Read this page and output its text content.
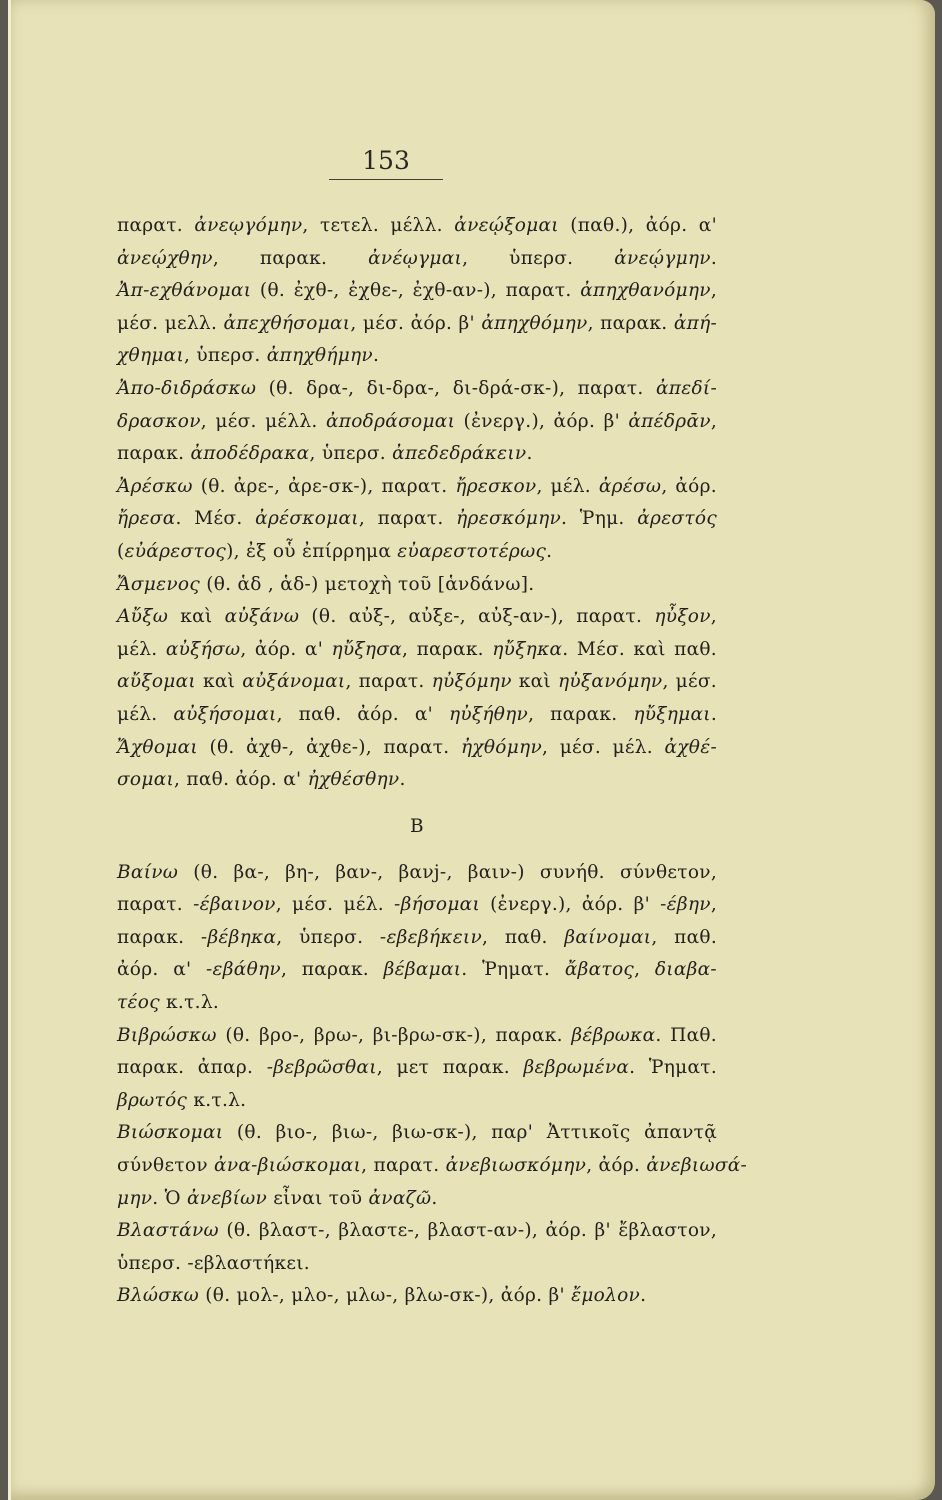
153
παρατ. ἀνεῳγόμην, τετελ. μέλλ. ἀνεῴξομαι (παθ.), ἀόρ. α'
ἀνεῴχθην, παρακ. ἀνέῳγμαι, ὑπερσ. ἀνεῴγμην.
Ἀπ-εχθάνομαι (θ. ἐχθ-, ἐχθε-, ἐχθ-αν-), παρατ. ἀπηχθανόμην,
μέσ. μελλ. ἀπεχθήσομαι, μέσ. ἀόρ. β' ἀπηχθόμην, παρακ. ἀπή-
χθημαι, ὑπερσ. ἀπηχθήμην.
Ἀπο-διδράσκω (θ. δρα-, δι-δρα-, δι-δρά-σκ-), παρατ. ἀπεδί-
δρασκον, μέσ. μέλλ. ἀποδράσομαι (ἐνεργ.), ἀόρ. β' ἀπέδρᾱν,
παρακ. ἀποδέδρακα, ὑπερσ. ἀπεδεδράκειν.
Ἀρέσκω (θ. ἀρε-, ἀρε-σκ-), παρατ. ἤρεσκον, μέλ. ἀρέσω, ἀόρ.
ἤρεσα. Μέσ. ἀρέσκομαι, παρατ. ἠρεσκόμην. Ῥημ. ἀρεστός
(εὐάρεστος), ἐξ οὗ ἐπίρρημα εὐαρεστοτέρως.
Ἄσμενος (θ. ἁδ , ἁδ-) μετοχὴ τοῦ [ἁνδάνω].
Αὔξω καὶ αὐξάνω (θ. αὐξ-, αὐξε-, αὐξ-αν-), παρατ. ηὖξον,
μέλ. αὐξήσω, ἀόρ. α' ηὔξησα, παρακ. ηὔξηκα. Μέσ. καὶ παθ.
αὔξομαι καὶ αὐξάνομαι, παρατ. ηὐξόμην καὶ ηὐξανόμην, μέσ.
μέλ. αὐξήσομαι, παθ. ἀόρ. α' ηὐξήθην, παρακ. ηὔξημαι.
Ἄχθομαι (θ. ἀχθ-, ἀχθε-), παρατ. ἠχθόμην, μέσ. μέλ. ἀχθέ-
σομαι, παθ. ἀόρ. α' ἠχθέσθην.
Β
Βαίνω (θ. βα-, βη-, βαν-, βανj-, βαιν-) συνήθ. σύνθετον,
παρατ. -έβαινον, μέσ. μέλ. -βήσομαι (ἐνεργ.), ἀόρ. β' -έβην,
παρακ. -βέβηκα, ὑπερσ. -εβεβήκειν, παθ. βαίνομαι, παθ.
ἀόρ. α' -εβάθην, παρακ. βέβαμαι. Ῥηματ. ἄβατος, διαβα-
τέος κ.τ.λ.
Βιβρώσκω (θ. βρο-, βρω-, βι-βρω-σκ-), παρακ. βέβρωκα. Παθ.
παρακ. ἀπαρ. -βεβρῶσθαι, μετ παρακ. βεβρωμένα. Ῥηματ.
βρωτός κ.τ.λ.
Βιώσκομαι (θ. βιο-, βιω-, βιω-σκ-), παρ' Ἀττικοῖς ἀπαντᾷ
σύνθετον ἀνα-βιώσκομαι, παρατ. ἀνεβιωσκόμην, ἀόρ. ἀνεβιωσά-
μην. Ὁ ἀνεβίων εἶναι τοῦ ἀναζῶ.
Βλαστάνω (θ. βλαστ-, βλαστε-, βλαστ-αν-), ἀόρ. β' ἔβλαστον,
ὑπερσ. -εβλαστήκει.
Βλώσκω (θ. μολ-, μλο-, μλω-, βλω-σκ-), ἀόρ. β' ἔμολον.
